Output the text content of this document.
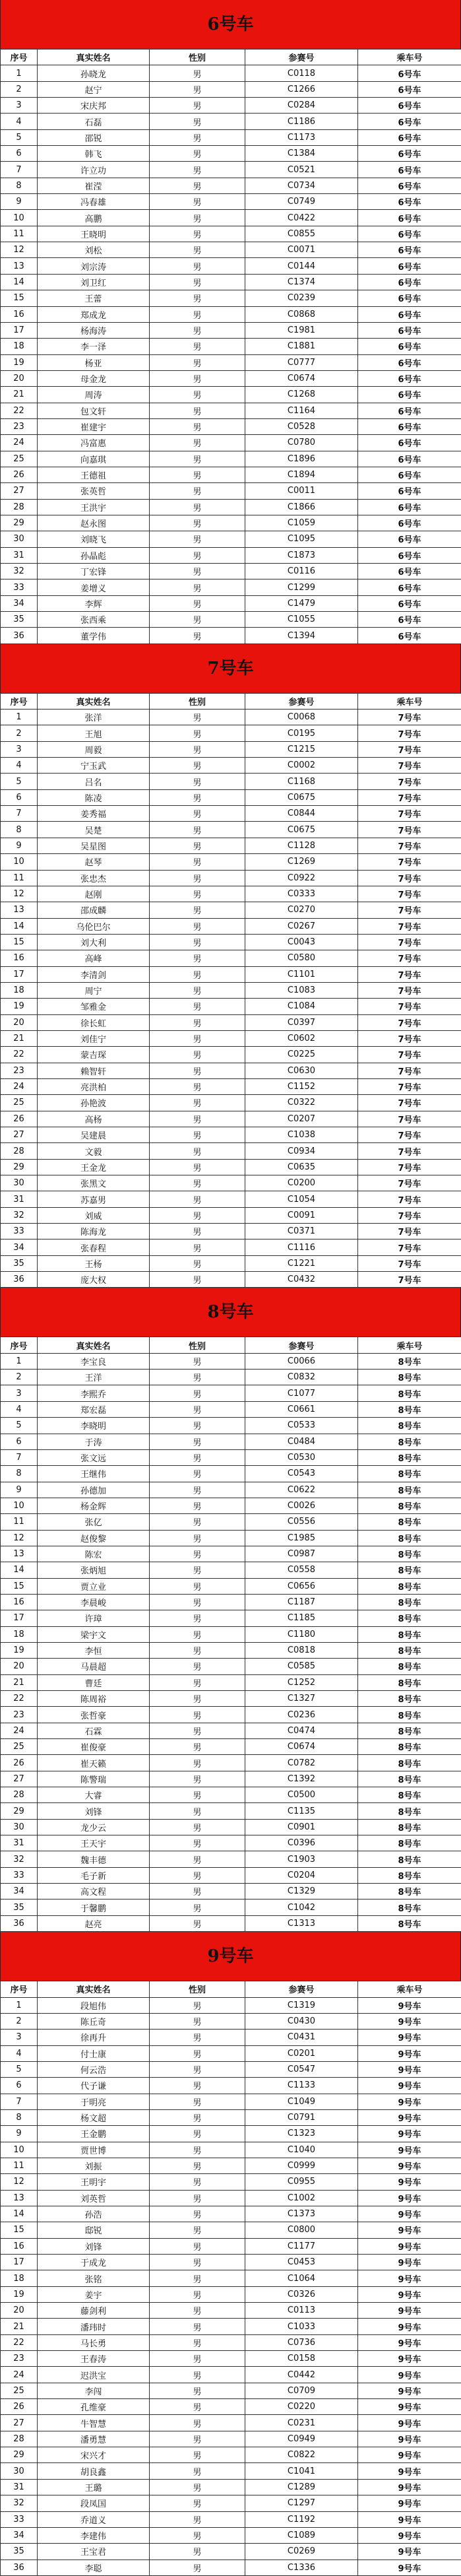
6号车
序号	真实姓名	性别	参赛号	乘车号
1	孙晓龙	男	C0118	6号车
2	赵宁	男	C1266	6号车
3	宋庆邦	男	C0284	6号车
4	石磊	男	C1186	6号车
5	邵锐	男	C1173	6号车
6	韩飞	男	C1384	6号车
7	许立功	男	C0521	6号车
8	崔滢	男	C0734	6号车
9	冯春雄	男	C0749	6号车
10	高鹏	男	C0422	6号车
11	王晓明	男	C0855	6号车
12	刘松	男	C0071	6号车
13	刘宗涛	男	C0144	6号车
14	刘卫红	男	C1374	6号车
15	王蕾	男	C0239	6号车
16	郑成龙	男	C0868	6号车
17	杨海涛	男	C1981	6号车
18	李一泽	男	C1881	6号车
19	杨亚	男	C0777	6号车
20	母金龙	男	C0674	6号车
21	周涛	男	C1268	6号车
22	包文轩	男	C1164	6号车
23	崔建宇	男	C0528	6号车
24	冯富惠	男	C0780	6号车
25	向嘉琪	男	C1896	6号车
26	王德祖	男	C1894	6号车
27	张英哲	男	C0011	6号车
28	王洪宇	男	C1866	6号车
29	赵永图	男	C1059	6号车
30	刘晓飞	男	C1095	6号车
31	孙晶彪	男	C1873	6号车
32	丁宏锋	男	C0116	6号车
33	姜增义	男	C1299	6号车
34	李辉	男	C1479	6号车
35	张西乘	男	C1055	6号车
36	董学伟	男	C1394	6号车
7号车
序号	真实姓名	性别	参赛号	乘车号
1	张洋	男	C0068	7号车
2	王旭	男	C0195	7号车
3	周毅	男	C1215	7号车
4	宁玉武	男	C0002	7号车
5	吕名	男	C1168	7号车
6	陈凌	男	C0675	7号车
7	姜秀福	男	C0844	7号车
8	吴楚	男	C0675	7号车
9	吴星图	男	C1128	7号车
10	赵琴	男	C1269	7号车
11	张忠杰	男	C0922	7号车
12	赵刚	男	C0333	7号车
13	邵成麟	男	C0270	7号车
14	乌伦巴尔	男	C0267	7号车
15	刘大利	男	C0043	7号车
16	高峰	男	C0580	7号车
17	李清剑	男	C1101	7号车
18	周宁	男	C1083	7号车
19	邹雅金	男	C1084	7号车
20	徐长虹	男	C0397	7号车
21	刘佳宁	男	C0602	7号车
22	蒙吉琛	男	C0225	7号车
23	赖智轩	男	C0630	7号车
24	亮洪柏	男	C1152	7号车
25	孙艳波	男	C0322	7号车
26	高杨	男	C0207	7号车
27	吴建晨	男	C1038	7号车
28	文毅	男	C0934	7号车
29	王金龙	男	C0635	7号车
30	张黑文	男	C0200	7号车
31	苏嘉男	男	C1054	7号车
32	刘威	男	C0091	7号车
33	陈海龙	男	C0371	7号车
34	张春程	男	C1116	7号车
35	王杨	男	C1221	7号车
36	庞大权	男	C0432	7号车
8号车
序号	真实姓名	性别	参赛号	乘车号
1	李宝良	男	C0066	8号车
2	王洋	男	C0832	8号车
3	李熙乔	男	C1077	8号车
4	郑宏磊	男	C0661	8号车
5	李晓明	男	C0533	8号车
6	于涛	男	C0484	8号车
7	张文远	男	C0530	8号车
8	王继伟	男	C0543	8号车
9	孙德加	男	C0622	8号车
10	杨金辉	男	C0026	8号车
11	张亿	男	C0556	8号车
12	赵俊黎	男	C1985	8号车
13	陈宏	男	C0987	8号车
14	张炳旭	男	C0558	8号车
15	贾立业	男	C0656	8号车
16	李晨峻	男	C1187	8号车
17	许璋	男	C1185	8号车
18	梁宇文	男	C1180	8号车
19	李恒	男	C0818	8号车
20	马晨超	男	C0585	8号车
21	曹廷	男	C1252	8号车
22	陈周裕	男	C1327	8号车
23	张哲豪	男	C0236	8号车
24	石霖	男	C0474	8号车
25	崔俊豪	男	C0674	8号车
26	崔天籁	男	C0782	8号车
27	陈警瑞	男	C1392	8号车
28	大睿	男	C0500	8号车
29	刘锋	男	C1135	8号车
30	龙少云	男	C0901	8号车
31	王天宇	男	C0396	8号车
32	魏丰德	男	C1903	8号车
33	毛子新	男	C0204	8号车
34	高文程	男	C1329	8号车
35	于馨鹏	男	C1042	8号车
36	赵亮	男	C1313	8号车
9号车
序号	真实姓名	性别	参赛号	乘车号
1	段旭伟	男	C1319	9号车
2	陈丘奇	男	C0430	9号车
3	徐再升	男	C0431	9号车
4	付士康	男	C0201	9号车
5	何云浩	男	C0547	9号车
6	代子谦	男	C1133	9号车
7	于明亮	男	C1049	9号车
8	杨文超	男	C0791	9号车
9	王金鹏	男	C1323	9号车
10	贾世博	男	C1040	9号车
11	刘振	男	C0999	9号车
12	王明宇	男	C0955	9号车
13	刘英哲	男	C1002	9号车
14	孙浩	男	C1373	9号车
15	邸锐	男	C0800	9号车
16	刘锋	男	C1177	9号车
17	于成龙	男	C0453	9号车
18	张铭	男	C1064	9号车
19	姜宇	男	C0326	9号车
20	藤剑利	男	C0113	9号车
21	潘玮时	男	C1033	9号车
22	马长勇	男	C0736	9号车
23	王春涛	男	C0158	9号车
24	迟洪宝	男	C0442	9号车
25	李闯	男	C0709	9号车
26	孔维豪	男	C0220	9号车
27	牛智慧	男	C0231	9号车
28	潘勇慧	男	C0949	9号车
29	宋兴才	男	C0822	9号车
30	胡良鑫	男	C1041	9号车
31	王璐	男	C1289	9号车
32	段凤国	男	C1297	9号车
33	乔道义	男	C1192	9号车
34	李建伟	男	C1089	9号车
35	王宝君	男	C0269	9号车
36	李聪	男	C1336	9号车
